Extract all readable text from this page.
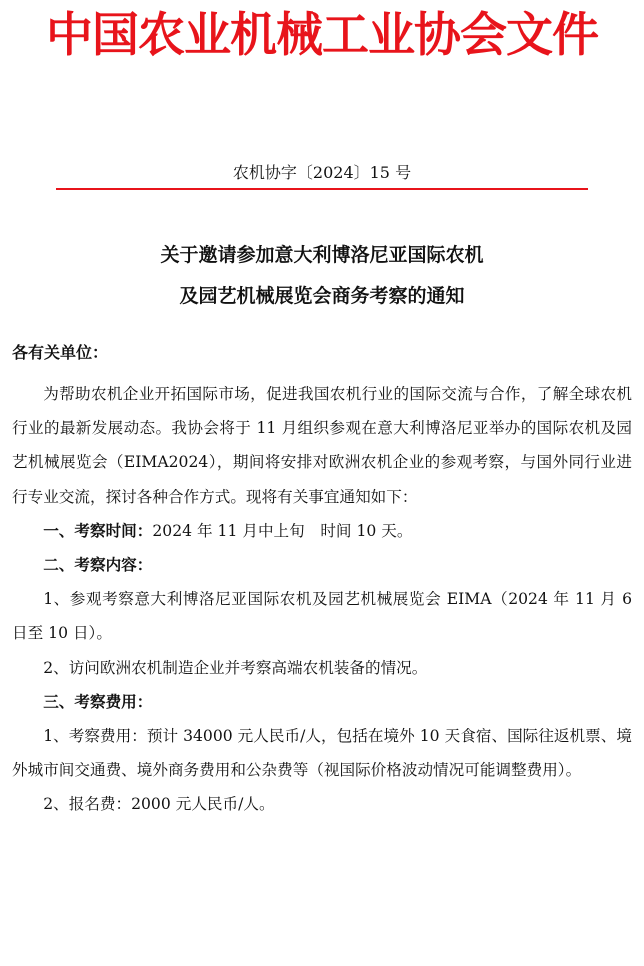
中国农业机械工业协会文件
农机协字〔2024〕15 号
关于邀请参加意大利博洛尼亚国际农机
及园艺机械展览会商务考察的通知
各有关单位：

为帮助农机企业开拓国际市场，促进我国农机行业的国际交流与合作，了解全球农机行业的最新发展动态。我协会将于 11 月组织参观在意大利博洛尼亚举办的国际农机及园艺机械展览会（EIMA2024），期间将安排对欧洲农机企业的参观考察，与国外同行业进行专业交流，探讨各种合作方式。现将有关事宜通知如下：

一、考察时间：2024 年 11 月中上旬　时间 10 天。

二、考察内容：

1、参观考察意大利博洛尼亚国际农机及园艺机械展览会 EIMA（2024 年 11 月 6 日至 10 日）。

2、访问欧洲农机制造企业并考察高端农机装备的情况。

三、考察费用：

1、考察费用：预计 34000 元人民币/人，包括在境外 10 天食宿、国际往返机票、境外城市间交通费、境外商务费用和公杂费等（视国际价格波动情况可能调整费用）。

2、报名费：2000 元人民币/人。
